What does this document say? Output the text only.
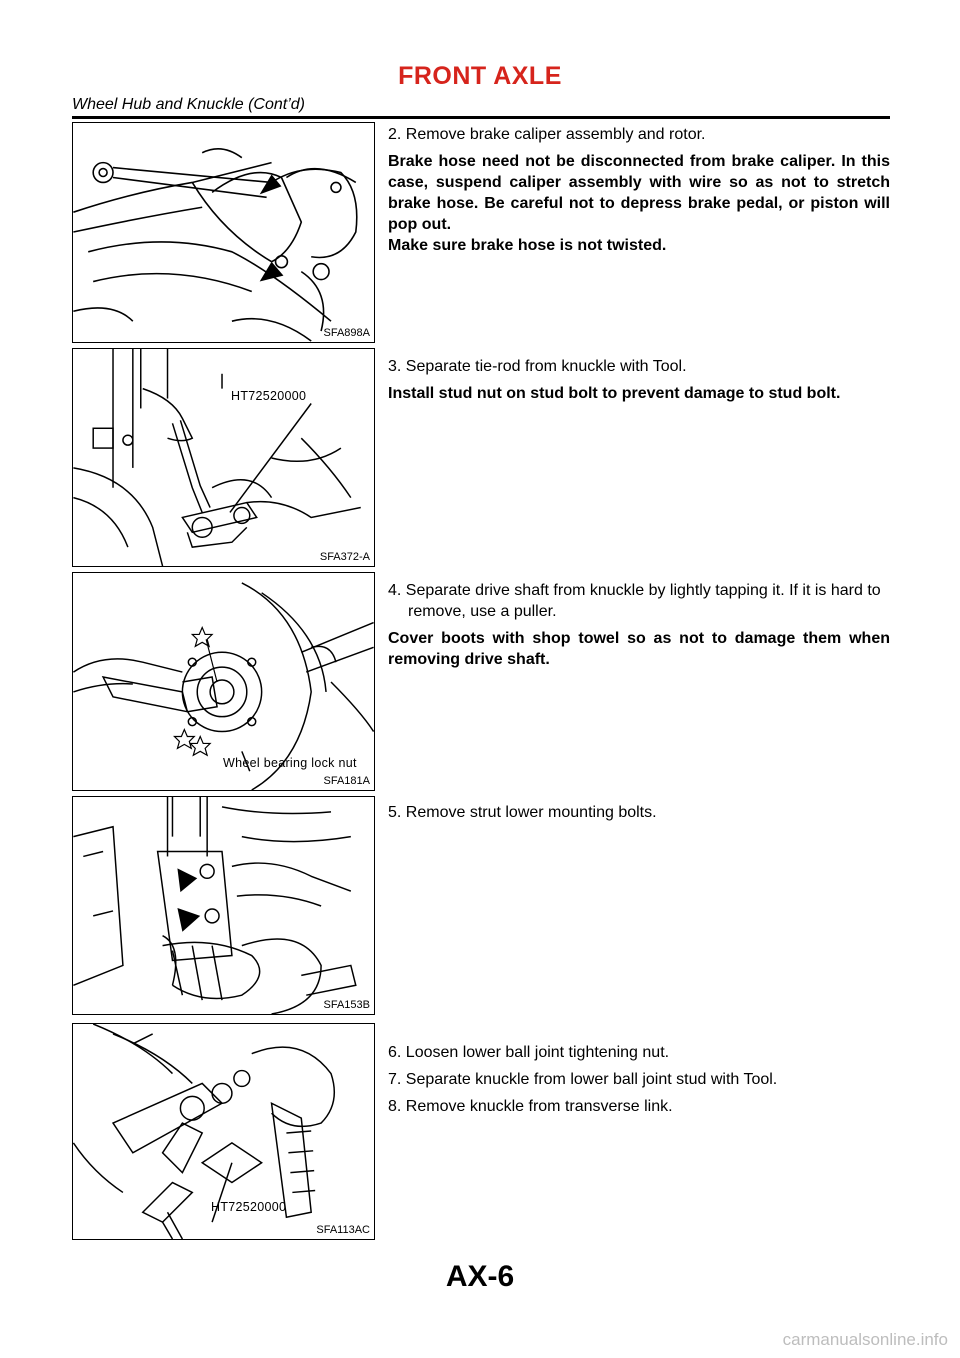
FRONT AXLE
Wheel Hub and Knuckle (Cont’d)
SFA898A

2. Remove brake caliper assembly and rotor.

Brake hose need not be disconnected from brake caliper. In this case, suspend caliper assembly with wire so as not to stretch brake hose. Be careful not to depress brake pedal, or piston will pop out.

Make sure brake hose is not twisted.

HT72520000
SFA372-A

3. Separate tie-rod from knuckle with Tool.

Install stud nut on stud bolt to prevent damage to stud bolt.

Wheel bearing lock nut
SFA181A

4. Separate drive shaft from knuckle by lightly tapping it. If it is hard to remove, use a puller.

Cover boots with shop towel so as not to damage them when removing drive shaft.

SFA153B

5. Remove strut lower mounting bolts.

HT72520000
SFA113AC

6. Loosen lower ball joint tightening nut.

7. Separate knuckle from lower ball joint stud with Tool.

8. Remove knuckle from transverse link.

AX-6
carmanualsonline.info
